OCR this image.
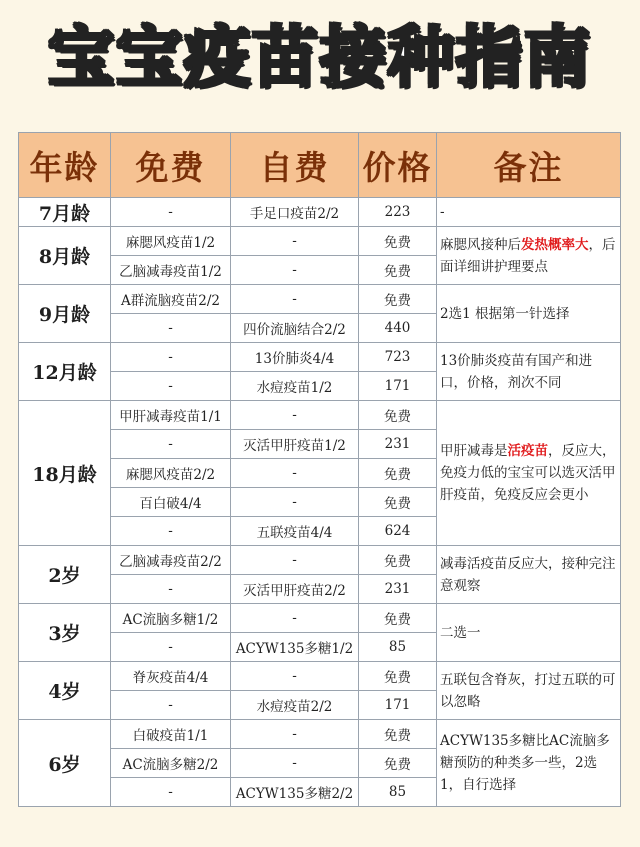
宝宝疫苗接种指南
年龄	免费	自费	价格	备注
7月龄	-	手足口疫苗2/2	223	-
8月龄	麻腮风疫苗1/2	-	免费	麻腮风接种后发热概率大，后面详细讲护理要点
	乙脑减毒疫苗1/2	-	免费	
9月龄	A群流脑疫苗2/2	-	免费	2选1 根据第一针选择
	-	四价流脑结合2/2	440	
12月龄	-	13价肺炎4/4	723	13价肺炎疫苗有国产和进口，价格，剂次不同
	-	水痘疫苗1/2	171	
18月龄	甲肝减毒疫苗1/1	-	免费	甲肝减毒是活疫苗，反应大，免疫力低的宝宝可以选灭活甲肝疫苗，免疫反应会更小
	-	灭活甲肝疫苗1/2	231	
	麻腮风疫苗2/2	-	免费	
	百白破4/4	-	免费	
	-	五联疫苗4/4	624	
2岁	乙脑减毒疫苗2/2	-	免费	减毒活疫苗反应大，接种完注意观察
	-	灭活甲肝疫苗2/2	231	
3岁	AC流脑多糖1/2	-	免费	二选一
	-	ACYW135多糖1/2	85	
4岁	脊灰疫苗4/4	-	免费	五联包含脊灰，打过五联的可以忽略
	-	水痘疫苗2/2	171	
6岁	白破疫苗1/1	-	免费	ACYW135多糖比AC流脑多糖预防的种类多一些，2选1，自行选择
	AC流脑多糖2/2	-	免费	
	-	ACYW135多糖2/2	85	
